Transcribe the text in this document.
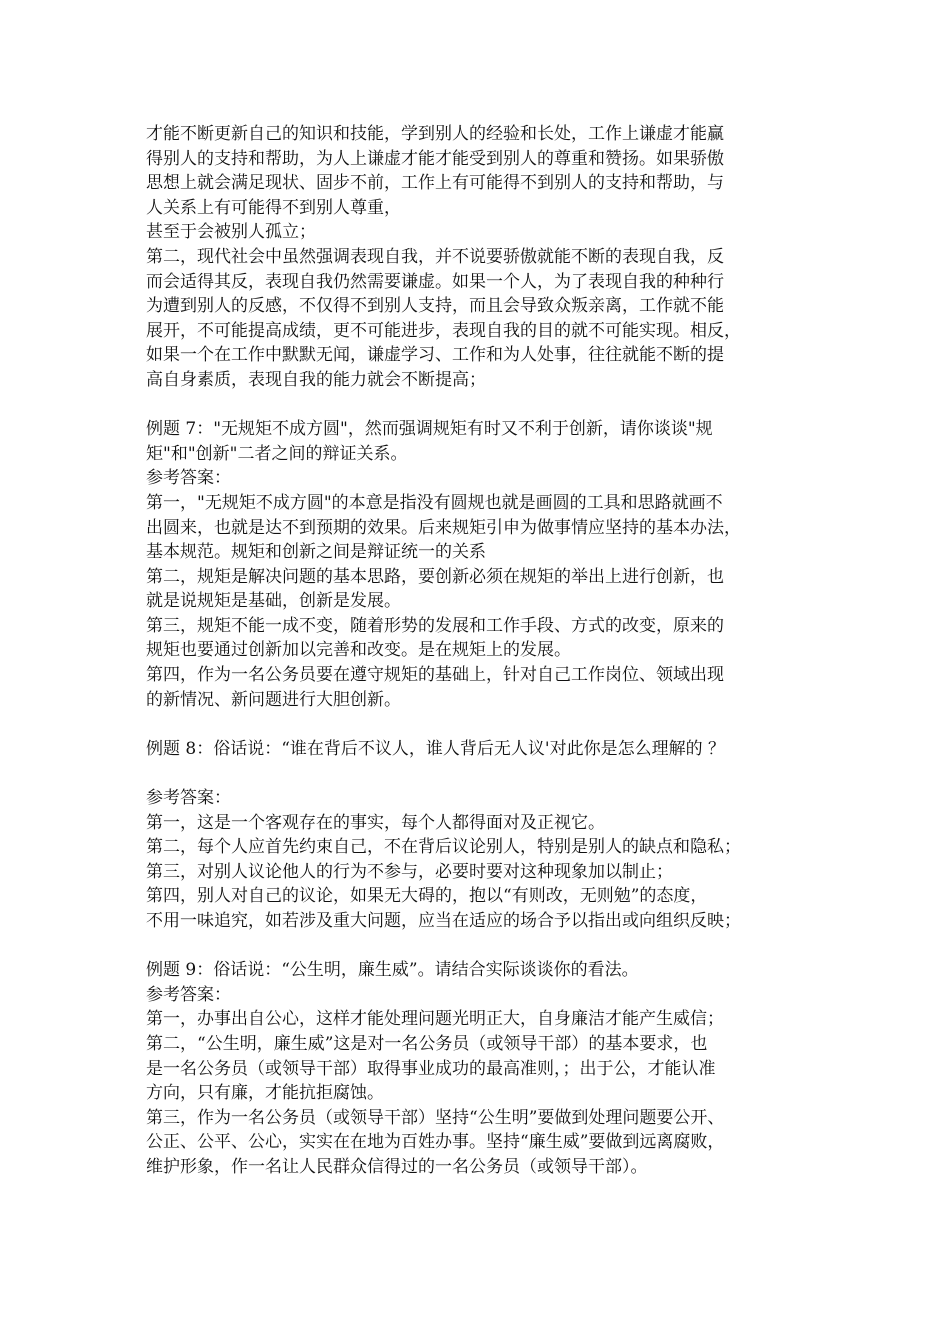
才能不断更新自己的知识和技能，学到别人的经验和长处，工作上谦虚才能赢
得别人的支持和帮助，为人上谦虚才能才能受到别人的尊重和赞扬。如果骄傲
思想上就会满足现状、固步不前，工作上有可能得不到别人的支持和帮助，与
人关系上有可能得不到别人尊重，
甚至于会被别人孤立；
第二，现代社会中虽然强调表现自我，并不说要骄傲就能不断的表现自我，反
而会适得其反，表现自我仍然需要谦虚。如果一个人，为了表现自我的种种行
为遭到别人的反感，不仅得不到别人支持，而且会导致众叛亲离，工作就不能
展开，不可能提高成绩，更不可能进步，表现自我的目的就不可能实现。相反，
如果一个在工作中默默无闻，谦虚学习、工作和为人处事，往往就能不断的提
高自身素质，表现自我的能力就会不断提高；
例题 7："无规矩不成方圆"，然而强调规矩有时又不利于创新，请你谈谈"规
矩"和"创新"二者之间的辩证关系。
参考答案：
第一，"无规矩不成方圆"的本意是指没有圆规也就是画圆的工具和思路就画不
出圆来，也就是达不到预期的效果。后来规矩引申为做事情应坚持的基本办法，
基本规范。规矩和创新之间是辩证统一的关系
第二，规矩是解决问题的基本思路，要创新必须在规矩的举出上进行创新，也
就是说规矩是基础，创新是发展。
第三，规矩不能一成不变，随着形势的发展和工作手段、方式的改变，原来的
规矩也要通过创新加以完善和改变。是在规矩上的发展。
第四，作为一名公务员要在遵守规矩的基础上，针对自己工作岗位、领域出现
的新情况、新问题进行大胆创新。
例题 8：俗话说：“谁在背后不议人，谁人背后无人议'对此你是怎么理解的 ？
参考答案：
第一，这是一个客观存在的事实，每个人都得面对及正视它。
第二，每个人应首先约束自己，不在背后议论别人，特别是别人的缺点和隐私；
第三，对别人议论他人的行为不参与，必要时要对这种现象加以制止；
第四，别人对自己的议论，如果无大碍的，抱以“有则改，无则勉”的态度，
不用一味追究，如若涉及重大问题，应当在适应的场合予以指出或向组织反映；
例题 9：俗话说：“公生明，廉生威”。请结合实际谈谈你的看法。
参考答案：
第一，办事出自公心，这样才能处理问题光明正大，自身廉洁才能产生威信；
第二，“公生明，廉生威”这是对一名公务员（或领导干部）的基本要求，也
是一名公务员（或领导干部）取得事业成功的最高准则，；出于公，才能认准
方向，只有廉，才能抗拒腐蚀。
第三，作为一名公务员（或领导干部）坚持“公生明”要做到处理问题要公开、
公正、公平、公心，实实在在地为百姓办事。坚持“廉生威”要做到远离腐败，
维护形象，作一名让人民群众信得过的一名公务员（或领导干部）。
